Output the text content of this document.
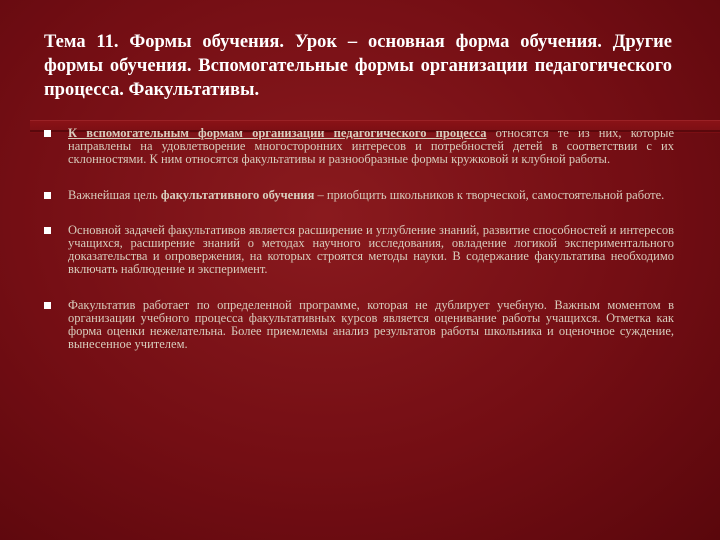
Тема 11. Формы обучения. Урок – основная форма обучения. Другие формы обучения. Вспомогательные формы организации педагогического процесса. Факультативы.
К вспомогательным формам организации педагогического процесса относятся те из них, которые направлены на удовлетворение многосторонних интересов и потребностей детей в соответствии с их склонностями. К ним относятся факультативы и разнообразные формы кружковой и клубной работы.
Важнейшая цель факультативного обучения – приобщить школьников к творческой, самостоятельной работе.
Основной задачей факультативов является расширение и углубление знаний, развитие способностей и интересов учащихся, расширение знаний о методах научного исследования, овладение логикой экспериментального доказательства и опровержения, на которых строятся методы науки. В содержание факультатива необходимо включать наблюдение и эксперимент.
Факультатив работает по определенной программе, которая не дублирует учебную. Важным моментом в организации учебного процесса факультативных курсов является оценивание работы учащихся. Отметка как форма оценки нежелательна. Более приемлемы анализ результатов работы школьника и оценочное суждение, вынесенное учителем.
